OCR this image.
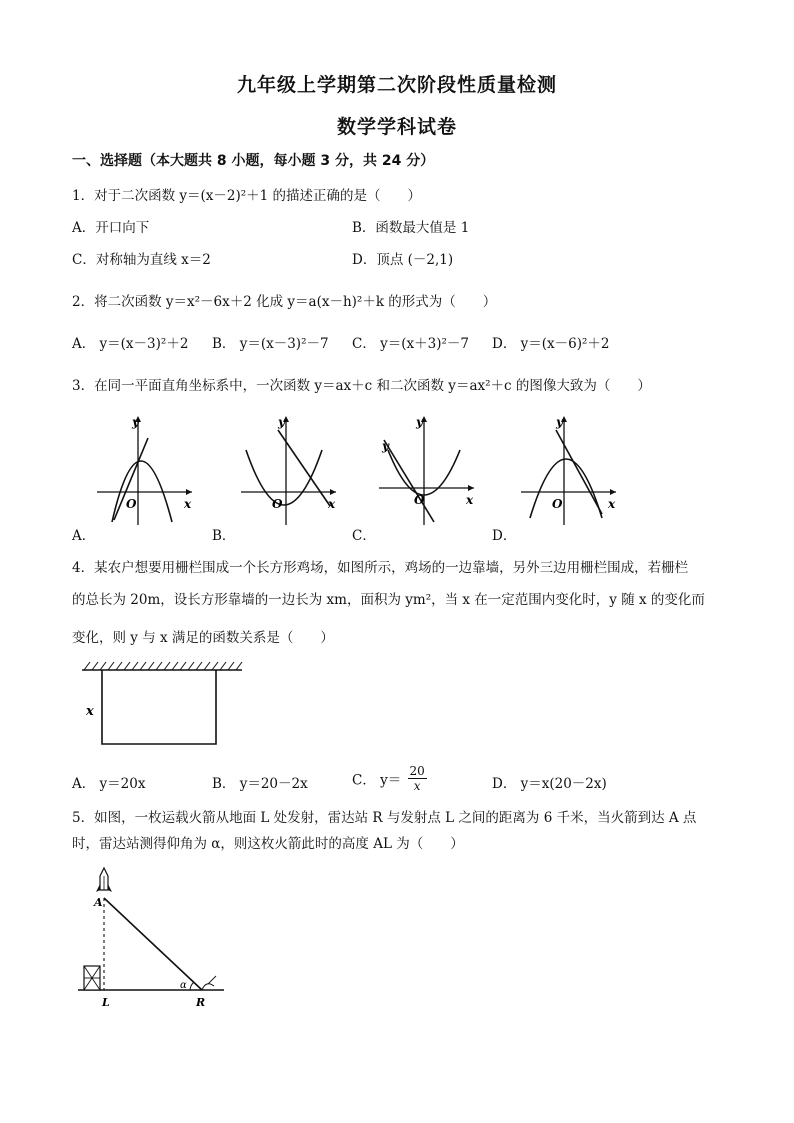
九年级上学期第二次阶段性质量检测
数学学科试卷
一、选择题（本大题共 8 小题，每小题 3 分，共 24 分）
1．对于二次函数 y＝(x－2)²＋1 的描述正确的是（　　）
A．开口向下	B．函数最大值是 1
C．对称轴为直线 x＝2	D．顶点 (－2,1)
2．将二次函数 y＝x²－6x＋2 化成 y＝a(x－h)²＋k 的形式为（　　）
A． y＝(x－3)²＋2 B． y＝(x－3)²－7 C． y＝(x＋3)²－7 D． y＝(x－6)²＋2
3．在同一平面直角坐标系中，一次函数 y＝ax＋c 和二次函数 y＝ax²＋c 的图像大致为（　　）
y
x
O
A．
y
x
O
B．
y
y
x
O
C．
y
x
O
D．
4．某农户想要用栅栏围成一个长方形鸡场，如图所示，鸡场的一边靠墙，另外三边用栅栏围成，若栅栏
的总长为 20m，设长方形靠墙的一边长为 xm，面积为 ym²，当 x 在一定范围内变化时，y 随 x 的变化而
变化，则 y 与 x 满足的函数关系是（　　）
x
A． y＝20x	B． y＝20－2x	C． $y= \frac{20}{x}$	D． y＝x(20－2x)
5．如图，一枚运载火箭从地面 L 处发射，雷达站 R 与发射点 L 之间的距离为 6 千米，当火箭到达 A 点
时，雷达站测得仰角为 α，则这枚火箭此时的高度 AL 为（　　）
A
L	R
α
